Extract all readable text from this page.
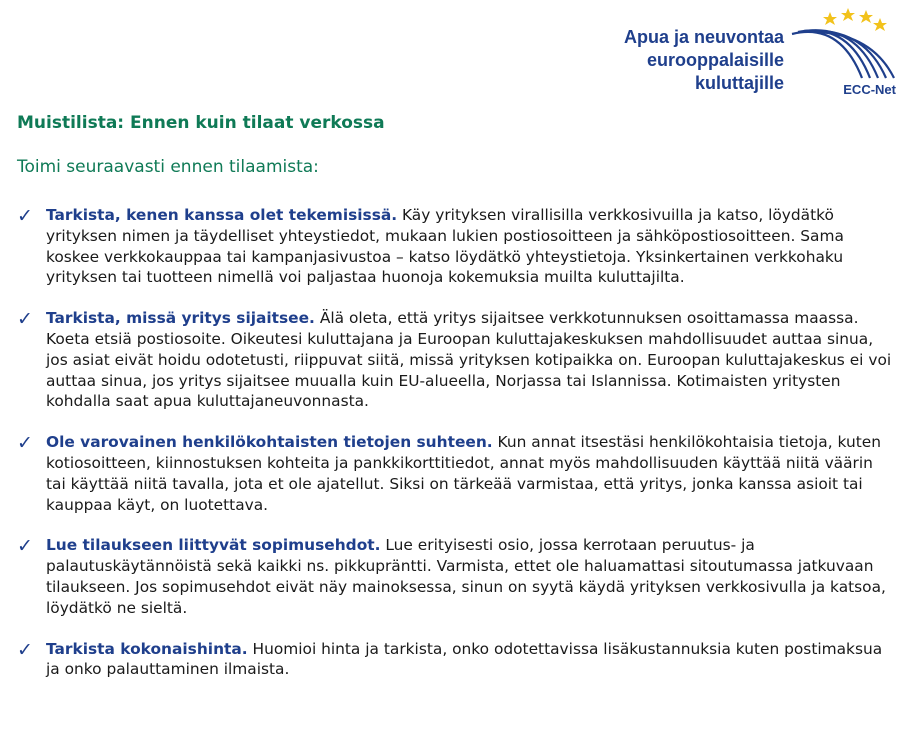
Apua ja neuvontaa
eurooppalaisille
kuluttajille	ECC-Net
Muistilista: Ennen kuin tilaat verkossa
Toimi seuraavasti ennen tilaamista:
✓ Tarkista, kenen kanssa olet tekemisissä. Käy yrityksen virallisilla verkkosivuilla ja katso, löydätkö yrityksen nimen ja täydelliset yhteystiedot, mukaan lukien postiosoitteen ja sähköpostiosoitteen. Sama koskee verkkokauppaa tai kampanjasivustoa – katso löydätkö yhteystietoja. Yksinkertainen verkkohaku yrityksen tai tuotteen nimellä voi paljastaa huonoja kokemuksia muilta kuluttajilta.
✓ Tarkista, missä yritys sijaitsee. Älä oleta, että yritys sijaitsee verkkotunnuksen osoittamassa maassa. Koeta etsiä postiosoite. Oikeutesi kuluttajana ja Euroopan kuluttajakeskuksen mahdollisuudet auttaa sinua, jos asiat eivät hoidu odotetusti, riippuvat siitä, missä yrityksen kotipaikka on. Euroopan kuluttajakeskus ei voi auttaa sinua, jos yritys sijaitsee muualla kuin EU-alueella, Norjassa tai Islannissa. Kotimaisten yritysten kohdalla saat apua kuluttajaneuvonnasta.
✓ Ole varovainen henkilökohtaisten tietojen suhteen. Kun annat itsestäsi henkilökohtaisia tietoja, kuten kotiosoitteen, kiinnostuksen kohteita ja pankkikorttitiedot, annat myös mahdollisuuden käyttää niitä väärin tai käyttää niitä tavalla, jota et ole ajatellut. Siksi on tärkeää varmistaa, että yritys, jonka kanssa asioit tai kauppaa käyt, on luotettava.
✓ Lue tilaukseen liittyvät sopimusehdot. Lue erityisesti osio, jossa kerrotaan peruutus- ja palautuskäytännöistä sekä kaikki ns. pikkupräntti. Varmista, ettet ole haluamattasi sitoutumassa jatkuvaan tilaukseen. Jos sopimusehdot eivät näy mainoksessa, sinun on syytä käydä yrityksen verkkosivulla ja katsoa, löydätkö ne sieltä.
✓ Tarkista kokonaishinta. Huomioi hinta ja tarkista, onko odotettavissa lisäkustannuksia kuten postimaksua ja onko palauttaminen ilmaista.
